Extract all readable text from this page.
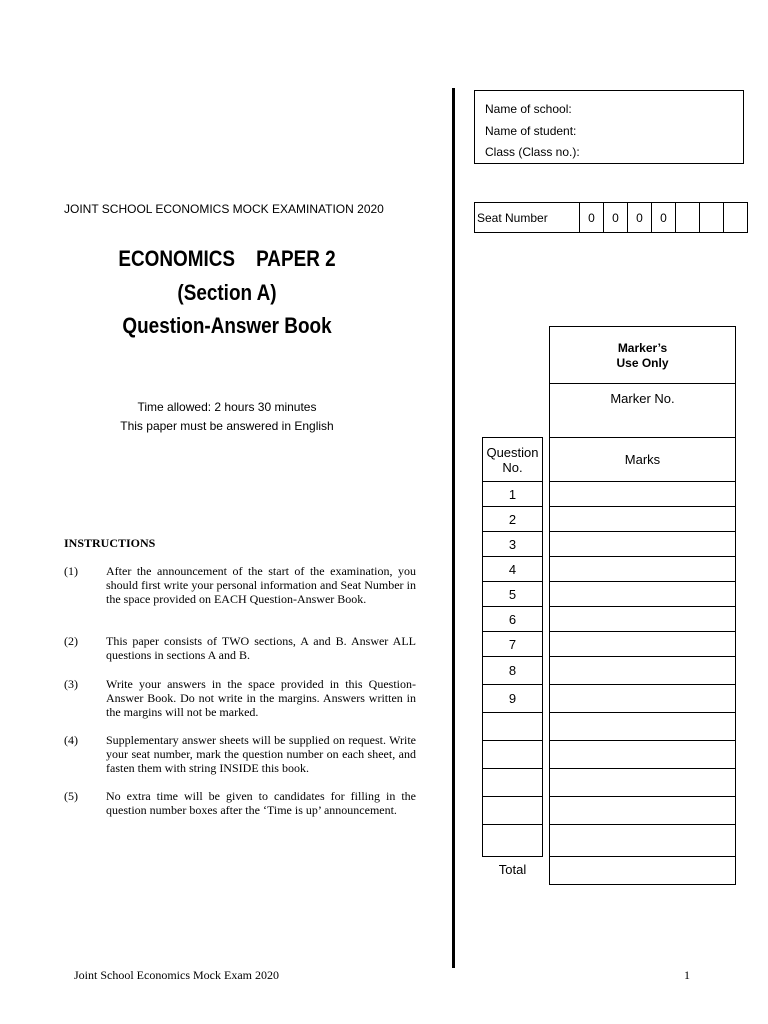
JOINT SCHOOL ECONOMICS MOCK EXAMINATION 2020
ECONOMICS PAPER 2
(Section A)
Question-Answer Book
Time allowed: 2 hours 30 minutes
This paper must be answered in English
INSTRUCTIONS
(1) After the announcement of the start of the examination, you should first write your personal information and Seat Number in the space provided on EACH Question-Answer Book.
(2) This paper consists of TWO sections, A and B. Answer ALL questions in sections A and B.
(3) Write your answers in the space provided in this Question-Answer Book. Do not write in the margins. Answers written in the margins will not be marked.
(4) Supplementary answer sheets will be supplied on request. Write your seat number, mark the question number on each sheet, and fasten them with string INSIDE this book.
(5) No extra time will be given to candidates for filling in the question number boxes after the ‘Time is up’ announcement.
Name of school:
Name of student:
Class (Class no.):
Seat Number	0	0	0	0
Marker’s
Use Only
Marker No.
Question
No.	Marks
1
2
3
4
5
6
7
8
9
Total
Joint School Economics Mock Exam 2020	1
